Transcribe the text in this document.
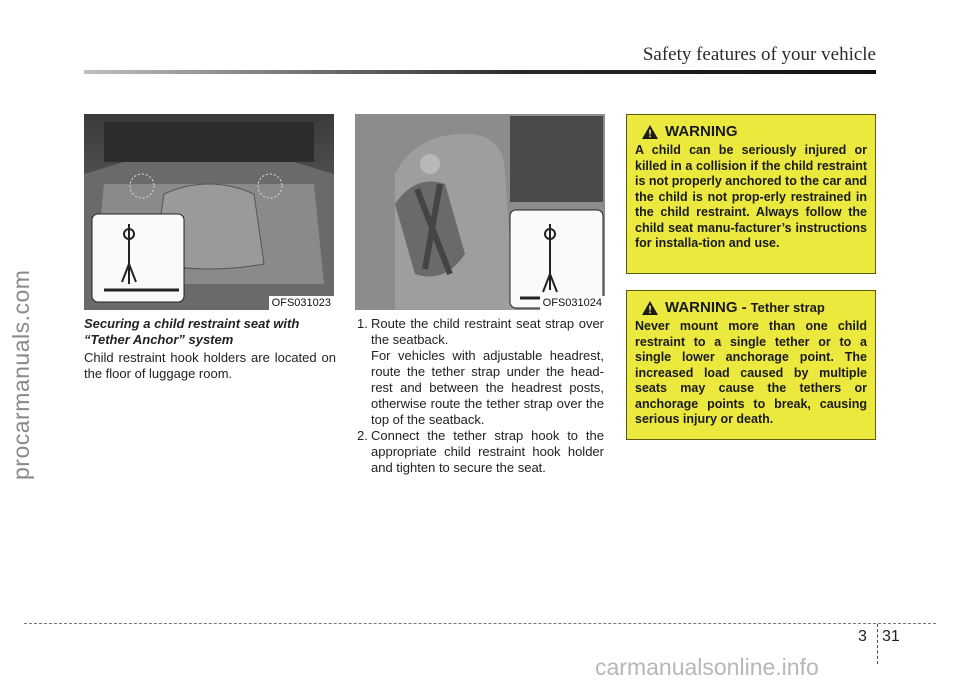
Safety features of your vehicle
procarmanuals.com	OFS031023	OFS031024
Securing a child restraint seat with
“Tether Anchor” system
Child restraint hook holders are located on the floor of luggage room.
1. Route the child restraint seat strap over the seatback.
For vehicles with adjustable headrest, route the tether strap under the head-rest and between the headrest posts, otherwise route the tether strap over the top of the seatback.
2. Connect the tether strap hook to the appropriate child restraint hook holder and tighten to secure the seat.
WARNING
A child can be seriously injured or killed in a collision if the child restraint is not properly anchored to the car and the child is not prop-erly restrained in the child restraint. Always follow the child seat manu-facturer’s instructions for installa-tion and use.
WARNING - Tether strap
Never mount more than one child restraint to a single tether or to a single lower anchorage point. The increased load caused by multiple seats may cause the tethers or anchorage points to break, causing serious injury or death.
3 31
carmanualsonline.info
